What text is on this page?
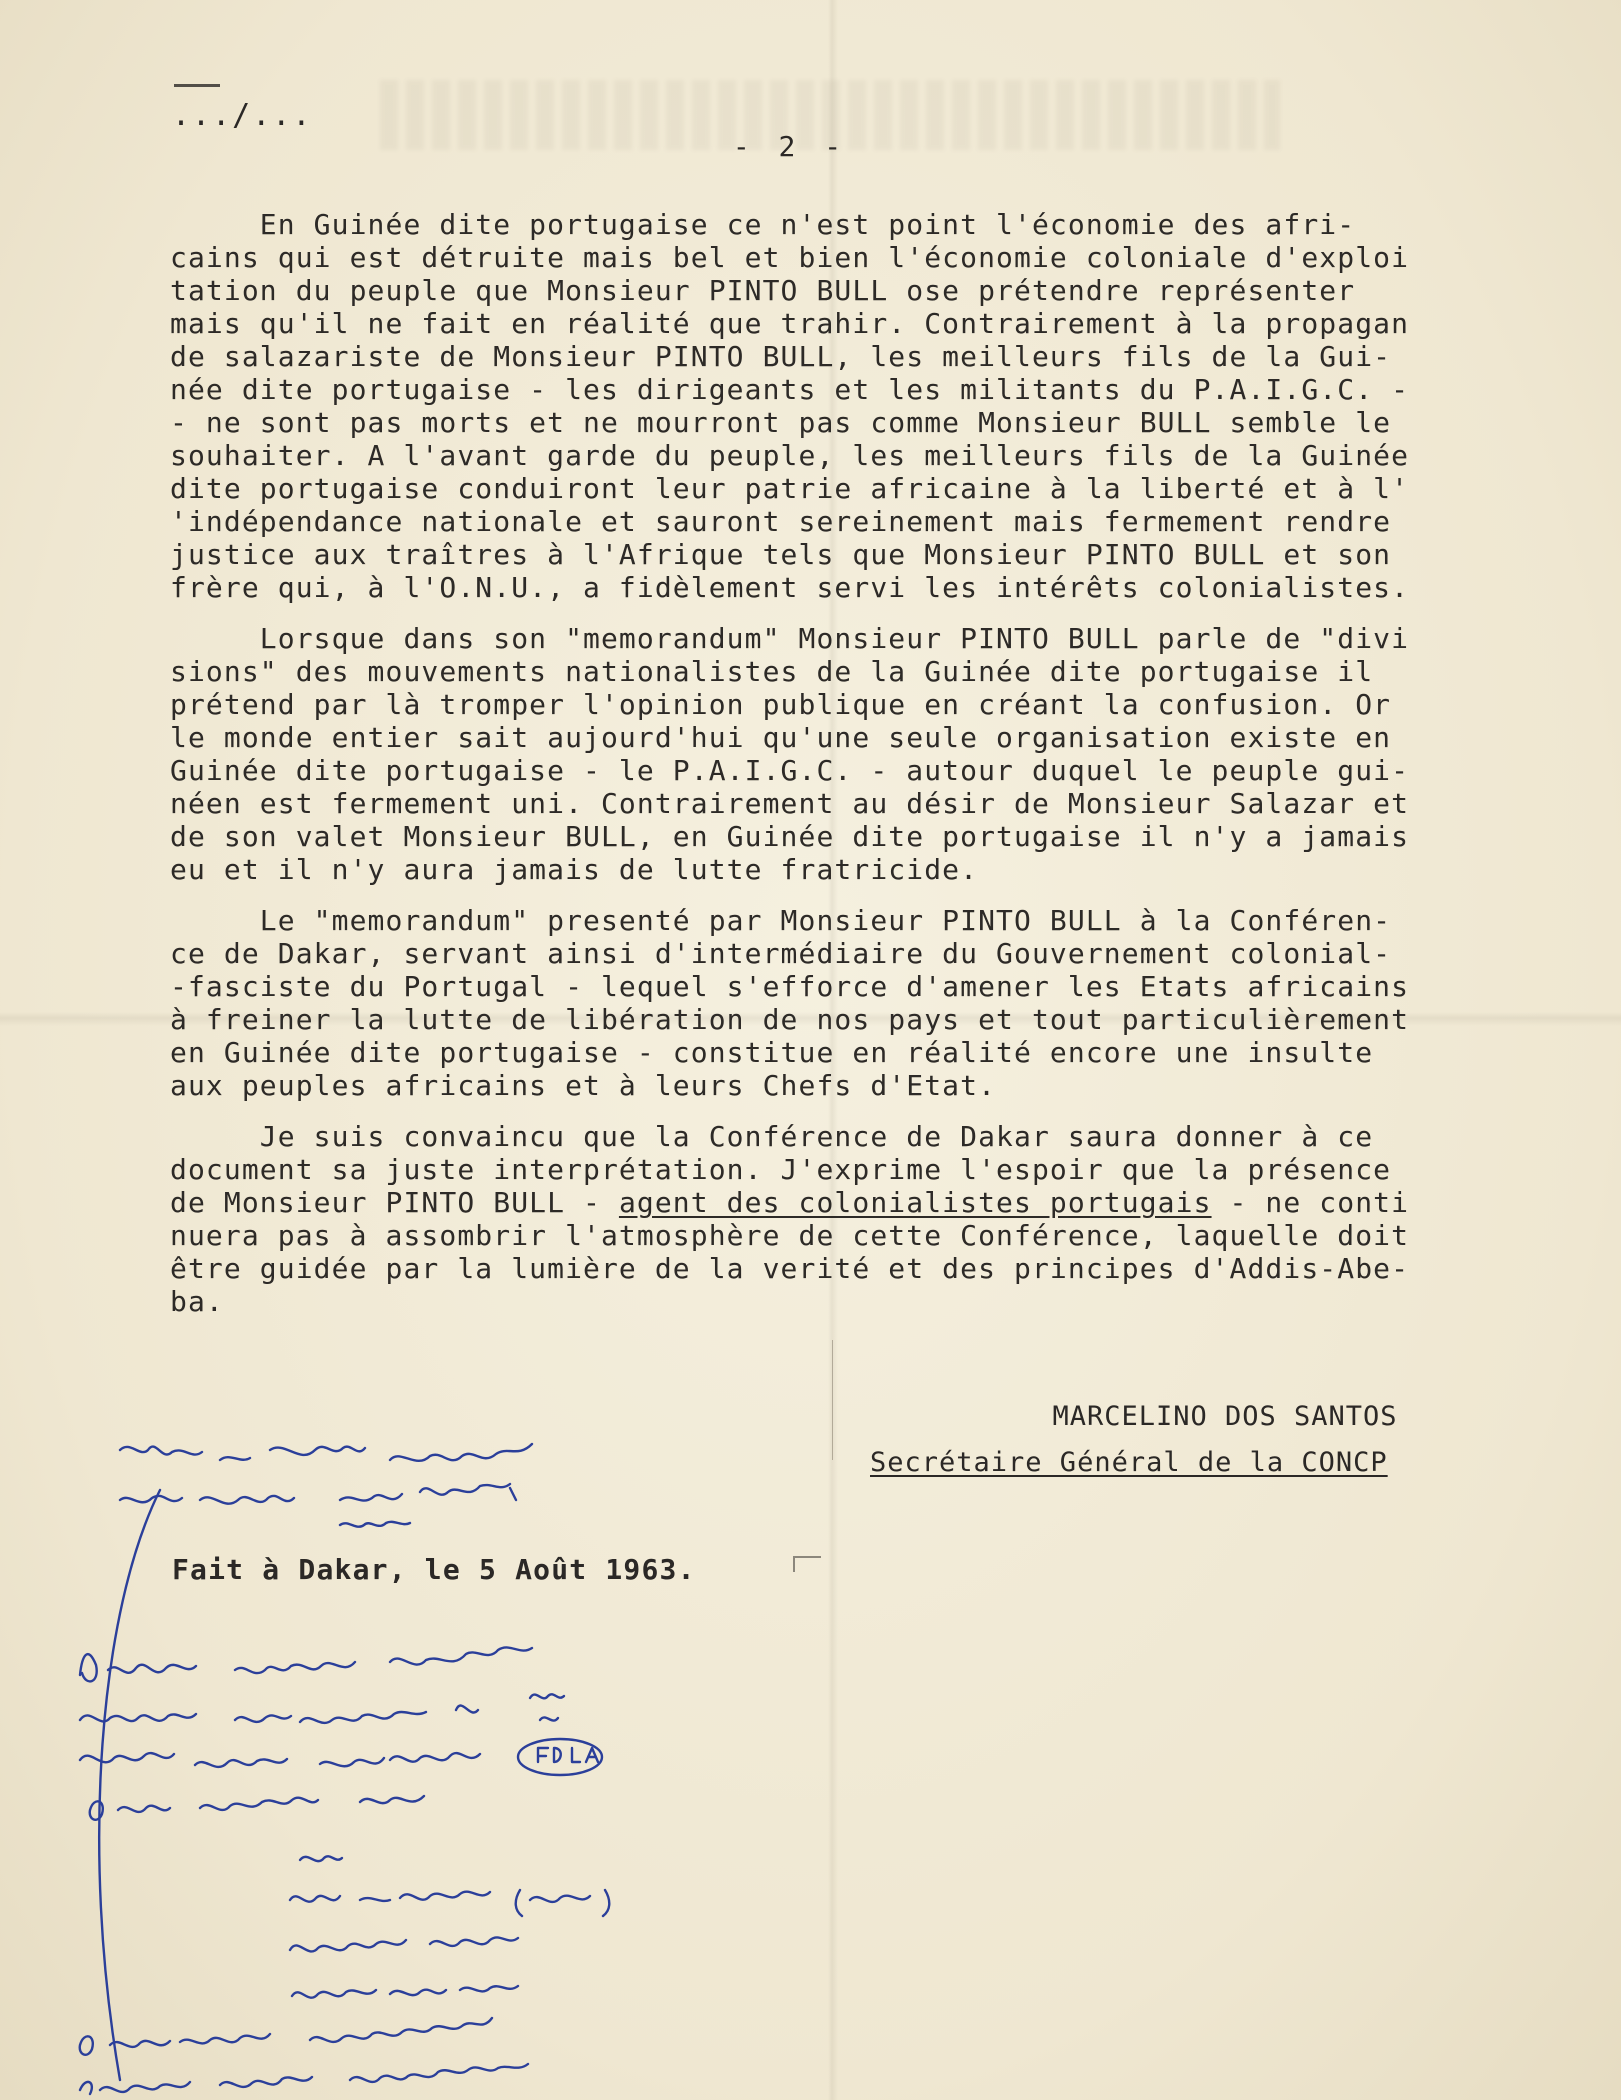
.../...
- 2 -
En Guinée dite portugaise ce n'est point l'économie des afri-
cains qui est détruite mais bel et bien l'économie coloniale d'exploi
tation du peuple que Monsieur PINTO BULL ose prétendre représenter
mais qu'il ne fait en réalité que trahir. Contrairement à la propagan
de salazariste de Monsieur PINTO BULL, les meilleurs fils de la Gui-
née dite portugaise - les dirigeants et les militants du P.A.I.G.C. -
- ne sont pas morts et ne mourront pas comme Monsieur BULL semble le
souhaiter. A l'avant garde du peuple, les meilleurs fils de la Guinée
dite portugaise conduiront leur patrie africaine à la liberté et à l'
'indépendance nationale et sauront sereinement mais fermement rendre
justice aux traîtres à l'Afrique tels que Monsieur PINTO BULL et son
frère qui, à l'O.N.U., a fidèlement servi les intérêts colonialistes.
Lorsque dans son "memorandum" Monsieur PINTO BULL parle de "divi
sions" des mouvements nationalistes de la Guinée dite portugaise il
prétend par là tromper l'opinion publique en créant la confusion. Or
le monde entier sait aujourd'hui qu'une seule organisation existe en
Guinée dite portugaise - le P.A.I.G.C. - autour duquel le peuple gui-
néen est fermement uni. Contrairement au désir de Monsieur Salazar et
de son valet Monsieur BULL, en Guinée dite portugaise il n'y a jamais
eu et il n'y aura jamais de lutte fratricide.
Le "memorandum" presenté par Monsieur PINTO BULL à la Conféren-
ce de Dakar, servant ainsi d'intermédiaire du Gouvernement colonial-
-fasciste du Portugal - lequel s'efforce d'amener les Etats africains
à freiner la lutte de libération de nos pays et tout particulièrement
en Guinée dite portugaise - constitue en réalité encore une insulte
aux peuples africains et à leurs Chefs d'Etat.
Je suis convaincu que la Conférence de Dakar saura donner à ce
document sa juste interprétation. J'exprime l'espoir que la présence
de Monsieur PINTO BULL - agent des colonialistes portugais - ne conti
nuera pas à assombrir l'atmosphère de cette Conférence, laquelle doit
être guidée par la lumière de la verité et des principes d'Addis-Abe-
ba.
MARCELINO DOS SANTOS
Secrétaire Général de la CONCP
Fait à Dakar, le 5 Août 1963.
